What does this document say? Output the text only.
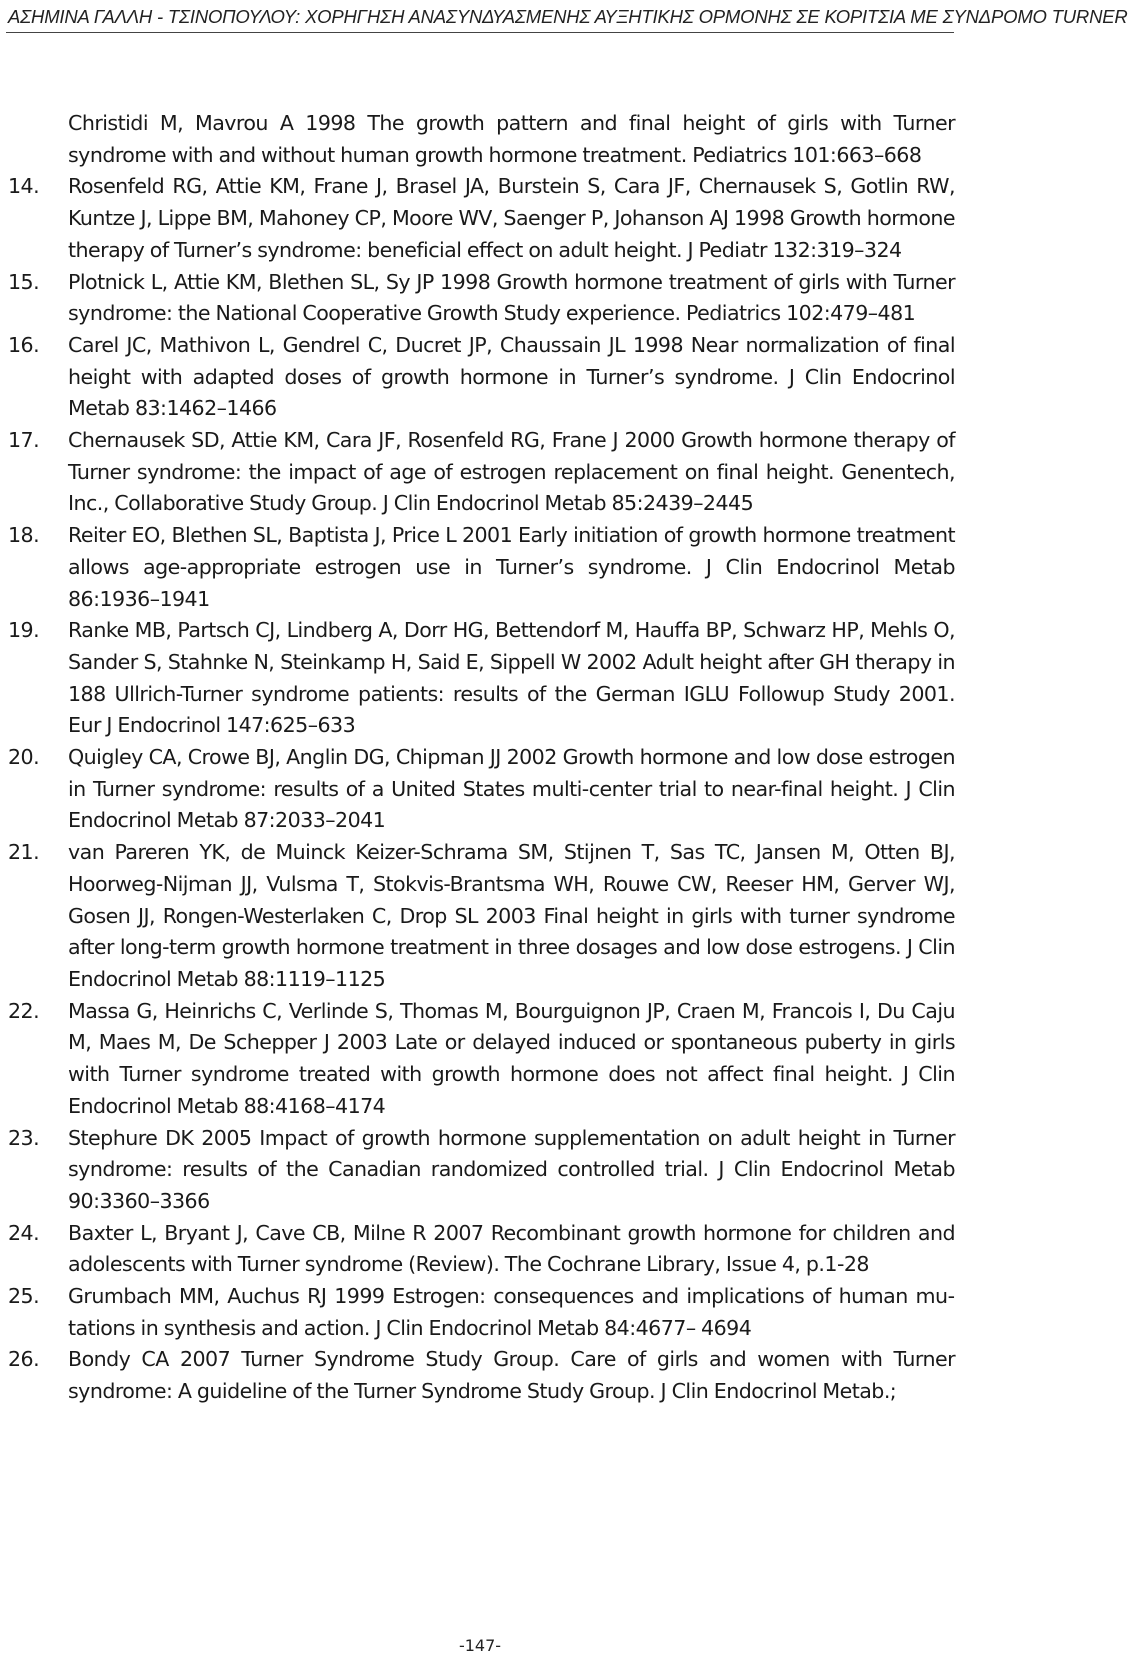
ΑΣΗΜΙΝΑ ΓΑΛΛΗ - ΤΣΙΝΟΠΟΥΛΟΥ: ΧΟΡΗΓΗΣΗ ΑΝΑΣΥΝΔΥΑΣΜΕΝΗΣ ΑΥΞΗΤΙΚΗΣ ΟΡΜΟΝΗΣ ΣΕ ΚΟΡΙΤΣΙΑ ΜΕ ΣΥΝΔΡΟΜΟ TURNER
Christidi M, Mavrou A 1998 The growth pattern and final height of girls with Turner syndrome with and without human growth hormone treatment. Pediatrics 101:663–668
14. Rosenfeld RG, Attie KM, Frane J, Brasel JA, Burstein S, Cara JF, Chernausek S, Gotlin RW, Kuntze J, Lippe BM, Mahoney CP, Moore WV, Saenger P, Johanson AJ 1998 Growth hormone therapy of Turner’s syndrome: beneficial effect on adult height. J Pediatr 132:319–324
15. Plotnick L, Attie KM, Blethen SL, Sy JP 1998 Growth hormone treatment of girls with Turner syndrome: the National Cooperative Growth Study experience. Pediatrics 102:479–481
16. Carel JC, Mathivon L, Gendrel C, Ducret JP, Chaussain JL 1998 Near normalization of final height with adapted doses of growth hormone in Turner’s syndrome. J Clin Endocrinol Metab 83:1462–1466
17. Chernausek SD, Attie KM, Cara JF, Rosenfeld RG, Frane J 2000 Growth hormone therapy of Turner syndrome: the impact of age of estrogen replacement on final height. Genentech, Inc., Collaborative Study Group. J Clin Endocrinol Metab 85:2439–2445
18. Reiter EO, Blethen SL, Baptista J, Price L 2001 Early initiation of growth hormone treatment allows age-appropriate estrogen use in Turner’s syndrome. J Clin Endocrinol Metab 86:1936–1941
19. Ranke MB, Partsch CJ, Lindberg A, Dorr HG, Bettendorf M, Hauffa BP, Schwarz HP, Mehls O, Sander S, Stahnke N, Steinkamp H, Said E, Sippell W 2002 Adult height after GH therapy in 188 Ullrich-Turner syndrome patients: results of the German IGLU Followup Study 2001. Eur J Endocrinol 147:625–633
20. Quigley CA, Crowe BJ, Anglin DG, Chipman JJ 2002 Growth hormone and low dose estrogen in Turner syndrome: results of a United States multi-center trial to near-final height. J Clin Endocrinol Metab 87:2033–2041
21. van Pareren YK, de Muinck Keizer-Schrama SM, Stijnen T, Sas TC, Jansen M, Otten BJ, Hoorweg-Nijman JJ, Vulsma T, Stokvis-Brantsma WH, Rouwe CW, Reeser HM, Gerver WJ, Gosen JJ, Rongen-Westerlaken C, Drop SL 2003 Final height in girls with turner syndrome after long-term growth hormone treatment in three dosages and low dose estrogens. J Clin Endocrinol Metab 88:1119–1125
22. Massa G, Heinrichs C, Verlinde S, Thomas M, Bourguignon JP, Craen M, Francois I, Du Caju M, Maes M, De Schepper J 2003 Late or delayed induced or spontaneous puberty in girls with Turner syndrome treated with growth hormone does not affect final height. J Clin Endocrinol Metab 88:4168–4174
23. Stephure DK 2005 Impact of growth hormone supplementation on adult height in Turner syndrome: results of the Canadian randomized controlled trial. J Clin Endocrinol Metab 90:3360–3366
24. Baxter L, Bryant J, Cave CB, Milne R 2007 Recombinant growth hormone for children and adolescents with Turner syndrome (Review). The Cochrane Library, Issue 4, p.1-28
25. Grumbach MM, Auchus RJ 1999 Estrogen: consequences and implications of human mutations in synthesis and action. J Clin Endocrinol Metab 84:4677– 4694
26. Bondy CA 2007 Turner Syndrome Study Group. Care of girls and women with Turner syndrome: A guideline of the Turner Syndrome Study Group. J Clin Endocrinol Metab.;
-147-
